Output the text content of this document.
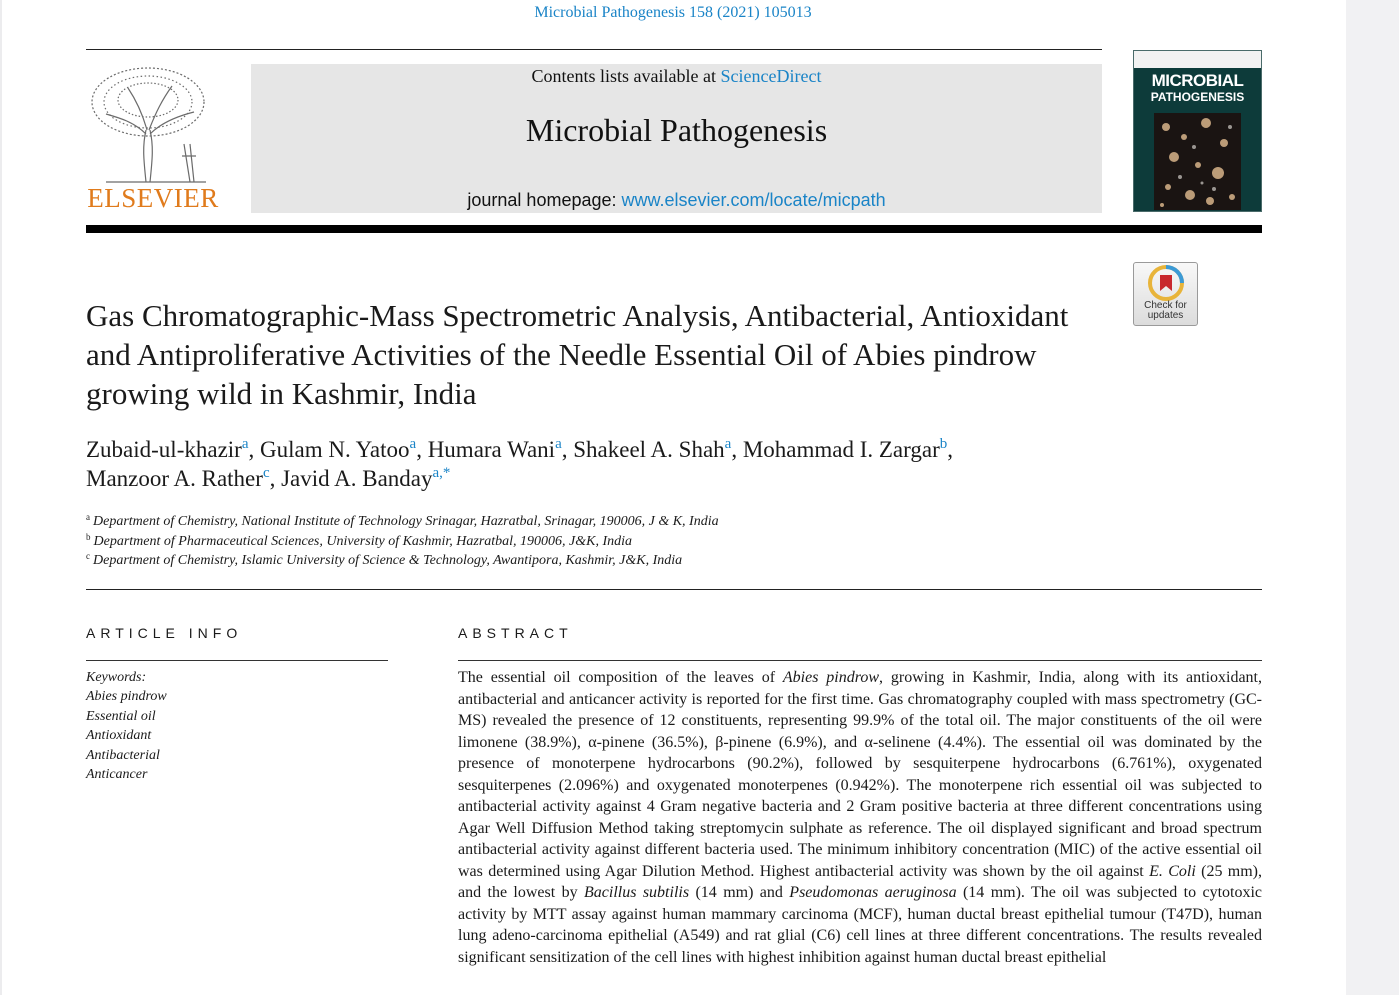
Microbial Pathogenesis 158 (2021) 105013
ELSEVIER
Contents lists available at ScienceDirect
Microbial Pathogenesis
journal homepage: www.elsevier.com/locate/micpath
MICROBIAL
PATHOGENESIS
Check for
updates
Gas Chromatographic-Mass Spectrometric Analysis, Antibacterial, Antioxidant and Antiproliferative Activities of the Needle Essential Oil of Abies pindrow growing wild in Kashmir, India
Zubaid-ul-khazir$^a$, Gulam N. Yatoo$^a$, Humara Wani$^a$, Shakeel A. Shah$^a$, Mohammad I. Zargar$^b$,
Manzoor A. Rather$^c$, Javid A. Banday$^{a,*}$
$^a$ Department of Chemistry, National Institute of Technology Srinagar, Hazratbal, Srinagar, 190006, J & K, India
$^b$ Department of Pharmaceutical Sciences, University of Kashmir, Hazratbal, 190006, J&K, India
$^c$ Department of Chemistry, Islamic University of Science & Technology, Awantipora, Kashmir, J&K, India
ARTICLE INFO	ABSTRACT
Keywords:
Abies pindrow
Essential oil
Antioxidant
Antibacterial
Anticancer
The essential oil composition of the leaves of Abies pindrow, growing in Kashmir, India, along with its antioxidant, antibacterial and anticancer activity is reported for the first time. Gas chromatography coupled with mass spectrometry (GC-MS) revealed the presence of 12 constituents, representing 99.9% of the total oil. The major constituents of the oil were limonene (38.9%), α-pinene (36.5%), β-pinene (6.9%), and α-selinene (4.4%). The essential oil was dominated by the presence of monoterpene hydrocarbons (90.2%), followed by sesquiterpene hydrocarbons (6.761%), oxygenated sesquiterpenes (2.096%) and oxygenated monoterpenes (0.942%). The monoterpene rich essential oil was subjected to antibacterial activity against 4 Gram negative bacteria and 2 Gram positive bacteria at three different concentrations using Agar Well Diffusion Method taking streptomycin sulphate as reference. The oil displayed significant and broad spectrum antibacterial activity against different bacteria used. The minimum inhibitory concentration (MIC) of the active essential oil was determined using Agar Dilution Method. Highest antibacterial activity was shown by the oil against E. Coli (25 mm), and the lowest by Bacillus subtilis (14 mm) and Pseudomonas aeruginosa (14 mm). The oil was subjected to cytotoxic activity by MTT assay against human mammary carcinoma (MCF), human ductal breast epithelial tumour (T47D), human lung adeno-carcinoma epithelial (A549) and rat glial (C6) cell lines at three different concentrations. The results revealed significant sensitization of the cell lines with highest inhibition against human ductal breast epithelial
